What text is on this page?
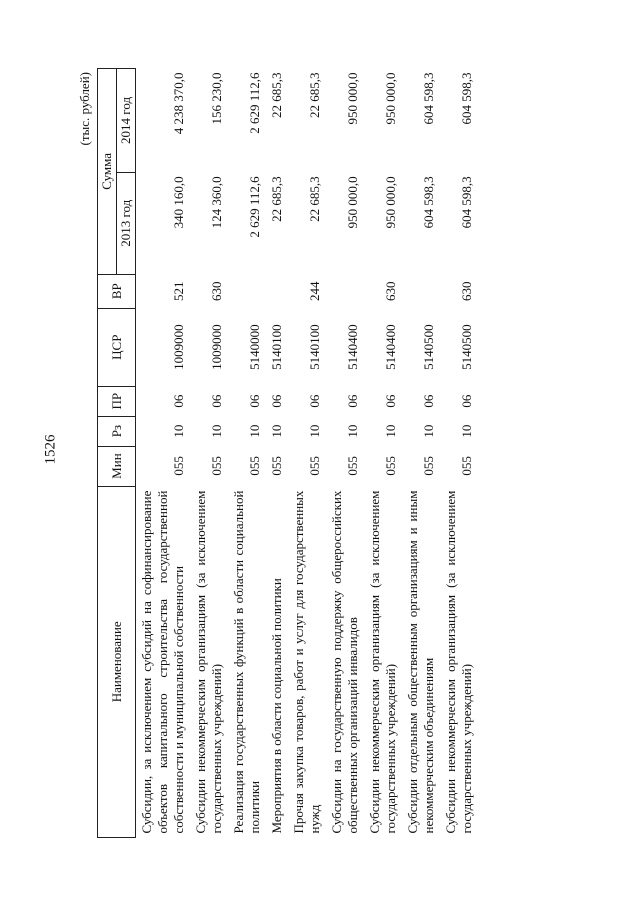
1526
(тыс. рублей)
Наименование	Мин	Рз	ПР	ЦСР	ВР	Сумма	
						2013 год	2014 год
Субсидии, за исключением субсидий на софинансирование объектов капитального строительства государственной собственности и муниципальной собственности	055	10	06	1009000	521	340 160,0	4 238 370,0
Субсидии некоммерческим организациям (за исключением государственных учреждений)	055	10	06	1009000	630	124 360,0	156 230,0
Реализация государственных функций в области социальной политики	055	10	06	5140000		2 629 112,6	2 629 112,6
Мероприятия в области социальной политики	055	10	06	5140100		22 685,3	22 685,3
Прочая закупка товаров, работ и услуг для государственных нужд	055	10	06	5140100	244	22 685,3	22 685,3
Субсидии на государственную поддержку общероссийских общественных организаций инвалидов	055	10	06	5140400		950 000,0	950 000,0
Субсидии некоммерческим организациям (за исключением государственных учреждений)	055	10	06	5140400	630	950 000,0	950 000,0
Субсидии отдельным общественным организациям и иным некоммерческим объединениям	055	10	06	5140500		604 598,3	604 598,3
Субсидии некоммерческим организациям (за исключением государственных учреждений)	055	10	06	5140500	630	604 598,3	604 598,3
